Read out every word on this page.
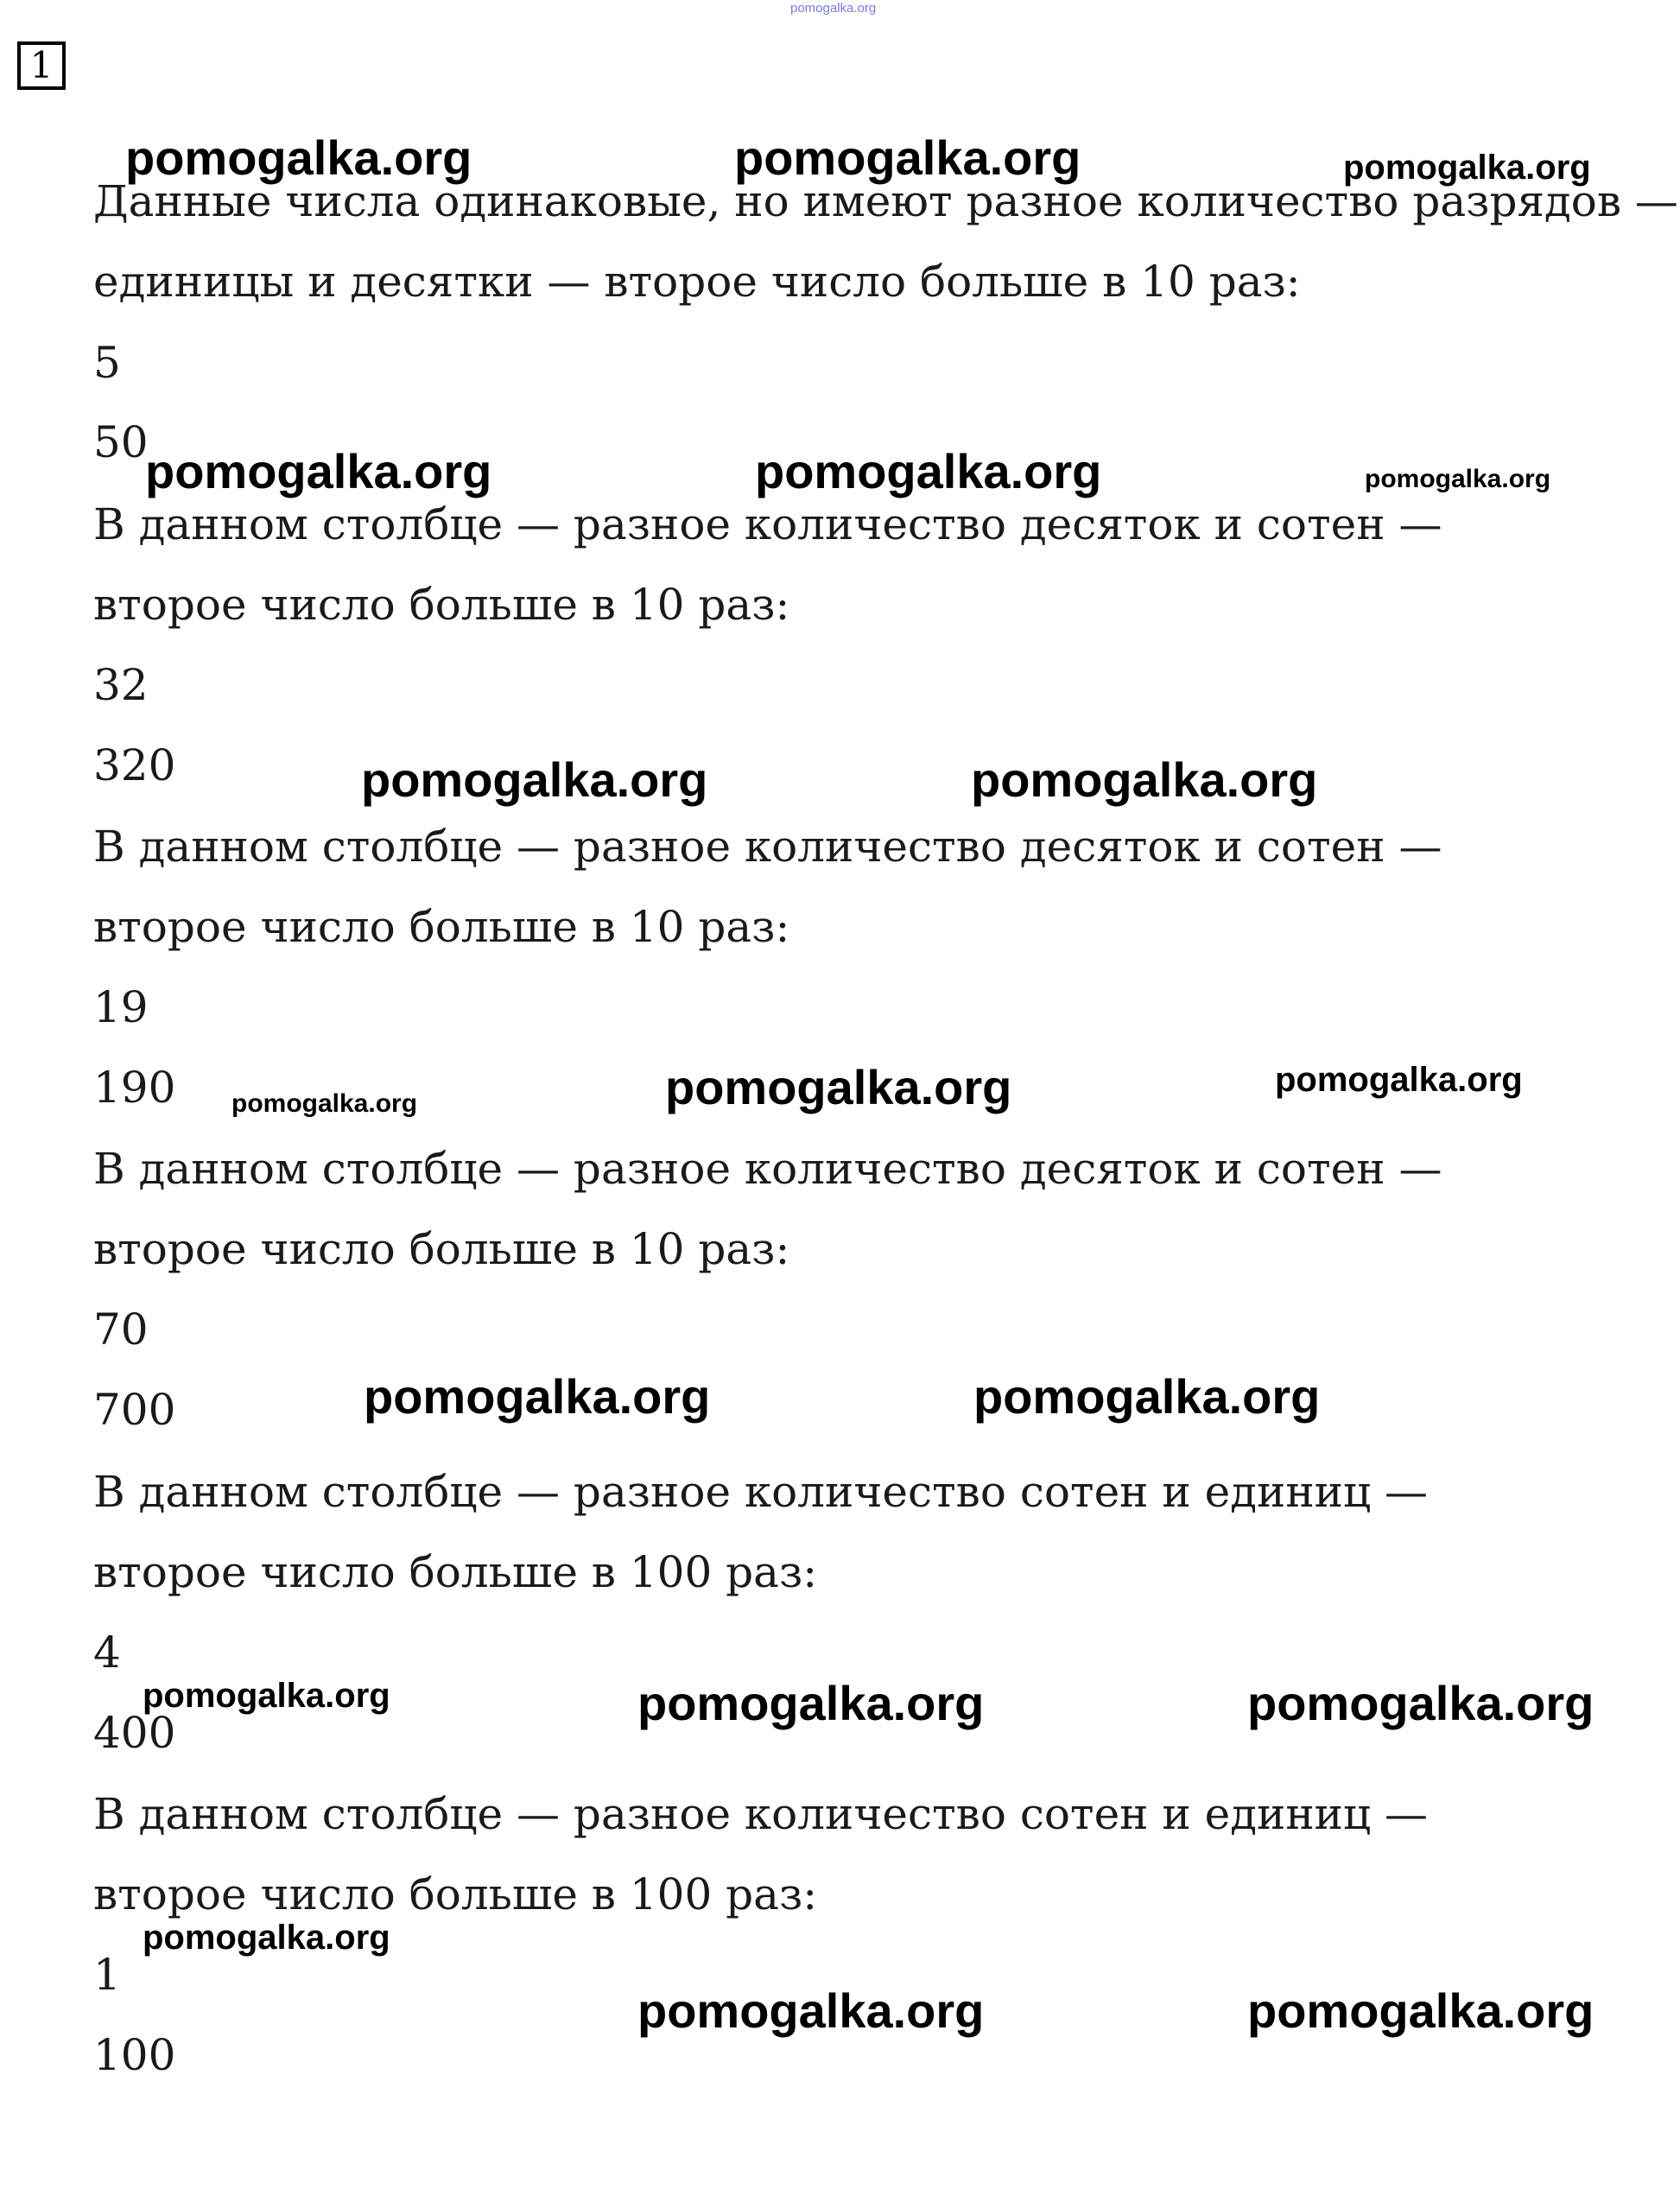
pomogalka.org
1
Данные числа одинаковые, но имеют разное количество разрядов —
единицы и десятки — второе число больше в 10 раз:
5
50
В данном столбце — разное количество десяток и сотен —
второе число больше в 10 раз:
32
320
В данном столбце — разное количество десяток и сотен —
второе число больше в 10 раз:
19
190
В данном столбце — разное количество десяток и сотен —
второе число больше в 10 раз:
70
700
В данном столбце — разное количество сотен и единиц —
второе число больше в 100 раз:
4
400
В данном столбце — разное количество сотен и единиц —
второе число больше в 100 раз:
1
100
pomogalka.org	pomogalka.org	pomogalka.org
pomogalka.org	pomogalka.org	pomogalka.org
pomogalka.org	pomogalka.org
pomogalka.org	pomogalka.org	pomogalka.org
pomogalka.org	pomogalka.org
pomogalka.org	pomogalka.org	pomogalka.org
pomogalka.org
pomogalka.org	pomogalka.org
